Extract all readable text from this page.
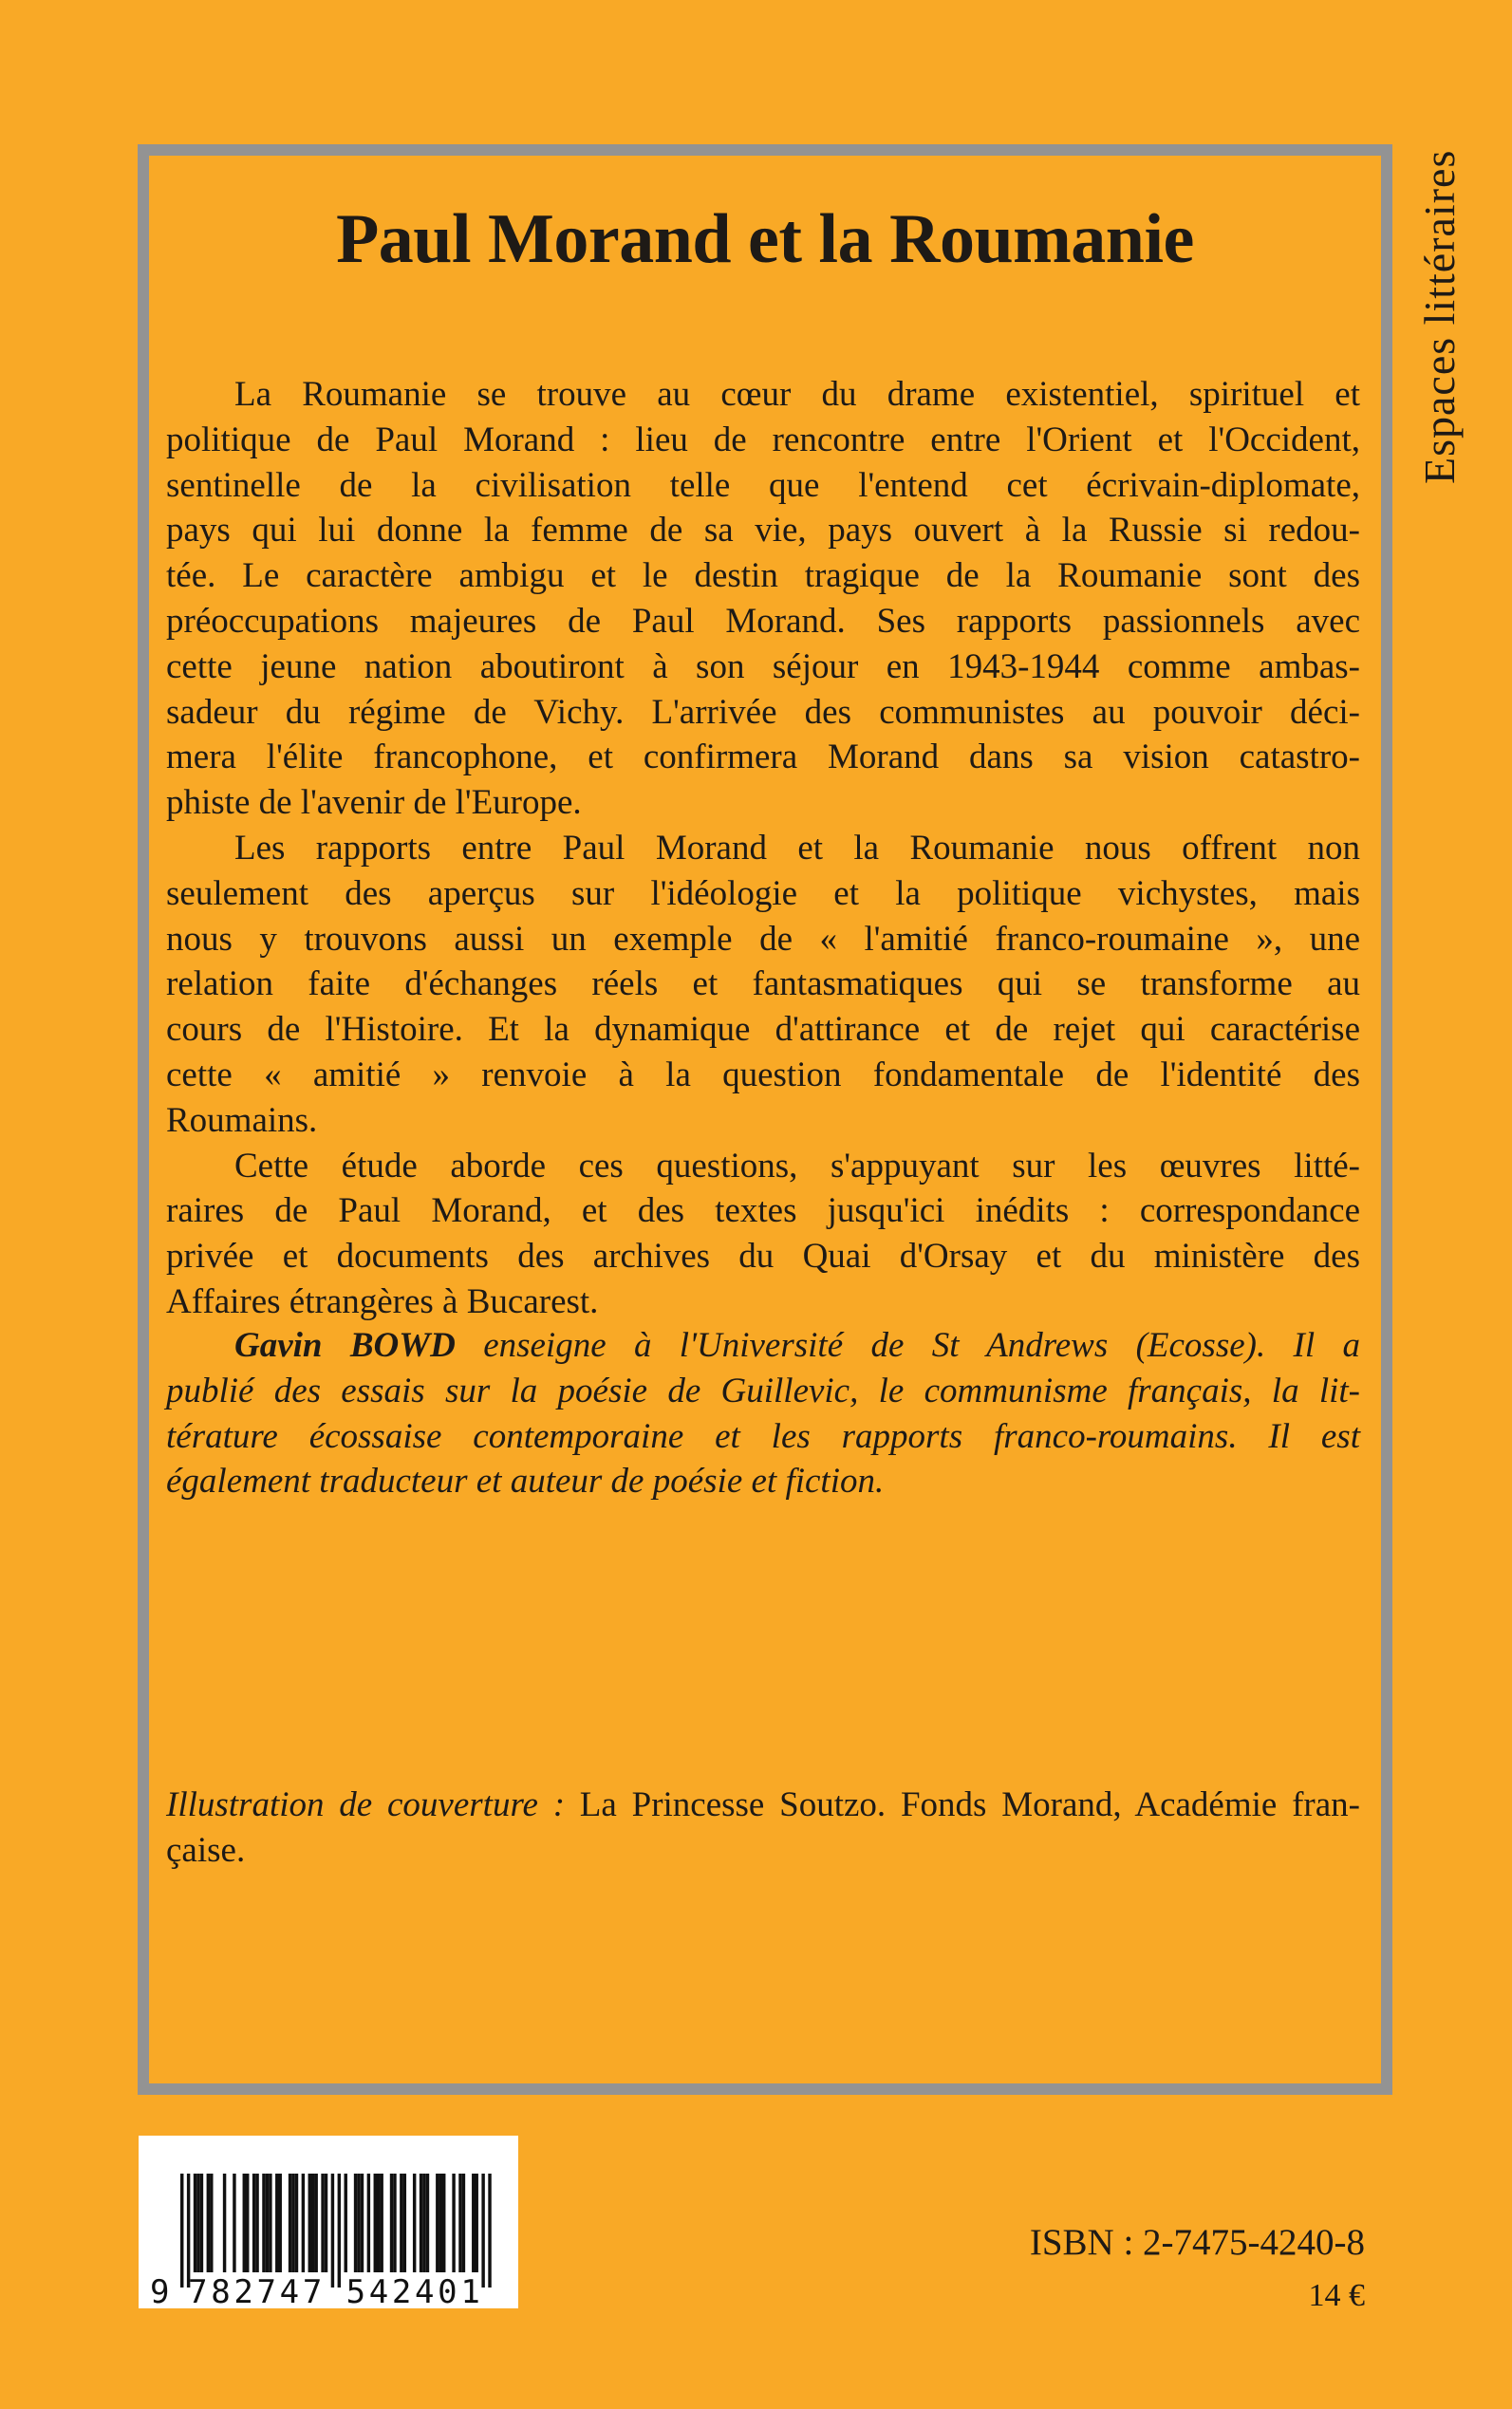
Paul Morand et la Roumanie	Espaces littéraires
La Roumanie se trouve au cœur du drame existentiel, spirituel et
politique de Paul Morand : lieu de rencontre entre l'Orient et l'Occident,
sentinelle de la civilisation telle que l'entend cet écrivain-diplomate,
pays qui lui donne la femme de sa vie, pays ouvert à la Russie si redou-
tée. Le caractère ambigu et le destin tragique de la Roumanie sont des
préoccupations majeures de Paul Morand. Ses rapports passionnels avec
cette jeune nation aboutiront à son séjour en 1943-1944 comme ambas-
sadeur du régime de Vichy. L'arrivée des communistes au pouvoir déci-
mera l'élite francophone, et confirmera Morand dans sa vision catastro-
phiste de l'avenir de l'Europe.
Les rapports entre Paul Morand et la Roumanie nous offrent non
seulement des aperçus sur l'idéologie et la politique vichystes, mais
nous y trouvons aussi un exemple de « l'amitié franco-roumaine », une
relation faite d'échanges réels et fantasmatiques qui se transforme au
cours de l'Histoire. Et la dynamique d'attirance et de rejet qui caractérise
cette « amitié » renvoie à la question fondamentale de l'identité des
Roumains.
Cette étude aborde ces questions, s'appuyant sur les œuvres litté-
raires de Paul Morand, et des textes jusqu'ici inédits : correspondance
privée et documents des archives du Quai d'Orsay et du ministère des
Affaires étrangères à Bucarest.
Gavin BOWD enseigne à l'Université de St Andrews (Ecosse). Il a
publié des essais sur la poésie de Guillevic, le communisme français, la lit-
térature écossaise contemporaine et les rapports franco-roumains. Il est
également traducteur et auteur de poésie et fiction.
Illustration de couverture : La Princesse Soutzo. Fonds Morand, Académie fran-
çaise.
9 7 8 2 7 4 7 5 4 2 4 0 1
ISBN : 2-7475-4240-8
14 €
